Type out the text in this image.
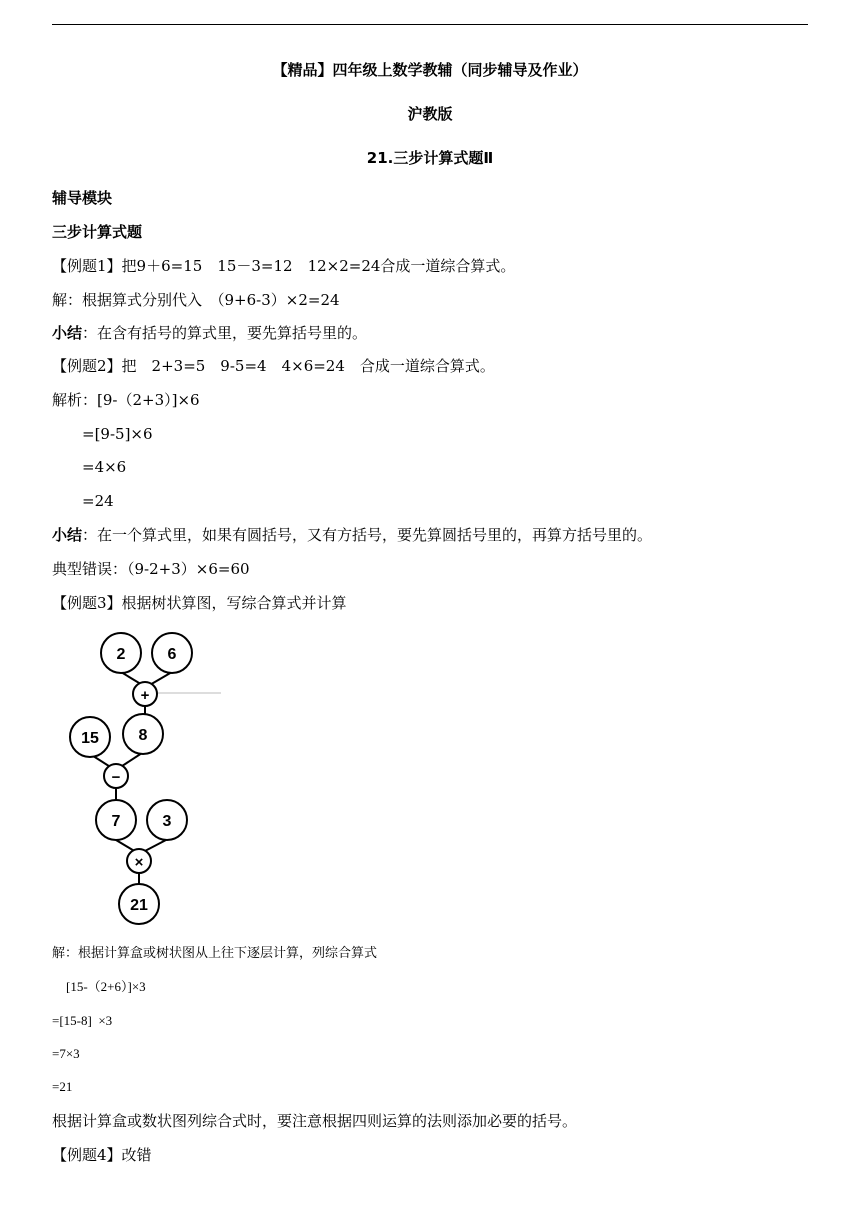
【精品】四年级上数学教辅（同步辅导及作业）
沪教版
21.三步计算式题Ⅱ
辅导模块
三步计算式题
【例题1】把9＋6=15　15－3=12　12×2=24合成一道综合算式。
解：根据算式分别代入　（9+6-3）×2=24
小结：在含有括号的算式里，要先算括号里的。
【例题2】把　2+3=5　9-5=4　4×6=24　合成一道综合算式。
解析：[9-（2+3）]×6
=[9-5]×6
=4×6
=24
小结：在一个算式里，如果有圆括号，又有方括号，要先算圆括号里的，再算方括号里的。
典型错误：（9-2+3）×6=60
【例题3】根据树状算图，写综合算式并计算
2	6
+
15 8
−
7	3
×
21
解：根据计算盒或树状图从上往下逐层计算，列综合算式
[15-（2+6）]×3
=[15-8]  ×3
=7×3
=21
根据计算盒或数状图列综合式时，要注意根据四则运算的法则添加必要的括号。
【例题4】改错
